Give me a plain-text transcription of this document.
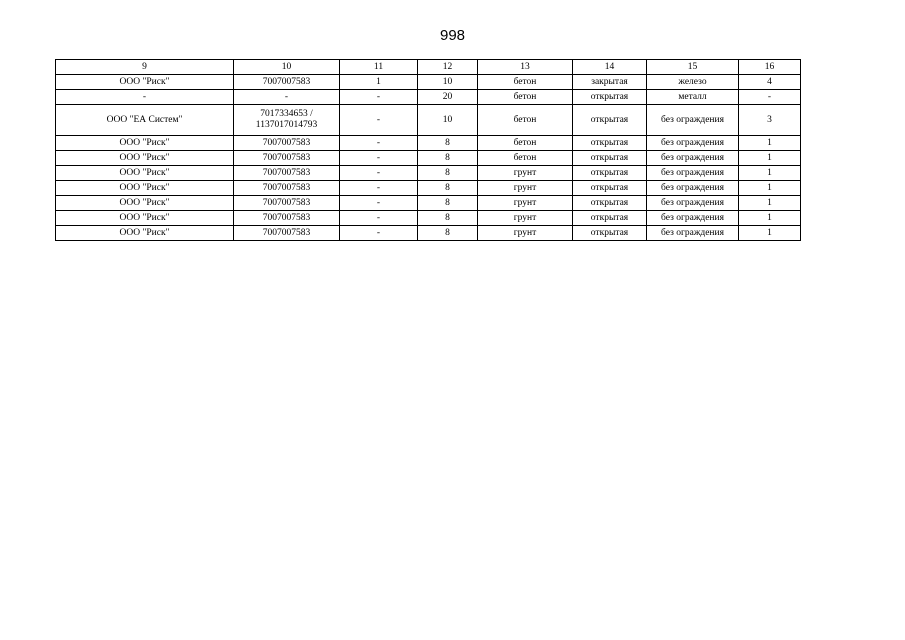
998
9	10	11	12	13	14	15	16
ООО "Риск"	7007007583	1	10	бетон	закрытая	железо	4
-	-	-	20	бетон	открытая	металл	-
ООО "ЕА Систем"	7017334653 / 1137017014793	-	10	бетон	открытая	без ограждения	3
ООО "Риск"	7007007583	-	8	бетон	открытая	без ограждения	1
ООО "Риск"	7007007583	-	8	бетон	открытая	без ограждения	1
ООО "Риск"	7007007583	-	8	грунт	открытая	без ограждения	1
ООО "Риск"	7007007583	-	8	грунт	открытая	без ограждения	1
ООО "Риск"	7007007583	-	8	грунт	открытая	без ограждения	1
ООО "Риск"	7007007583	-	8	грунт	открытая	без ограждения	1
ООО "Риск"	7007007583	-	8	грунт	открытая	без ограждения	1
